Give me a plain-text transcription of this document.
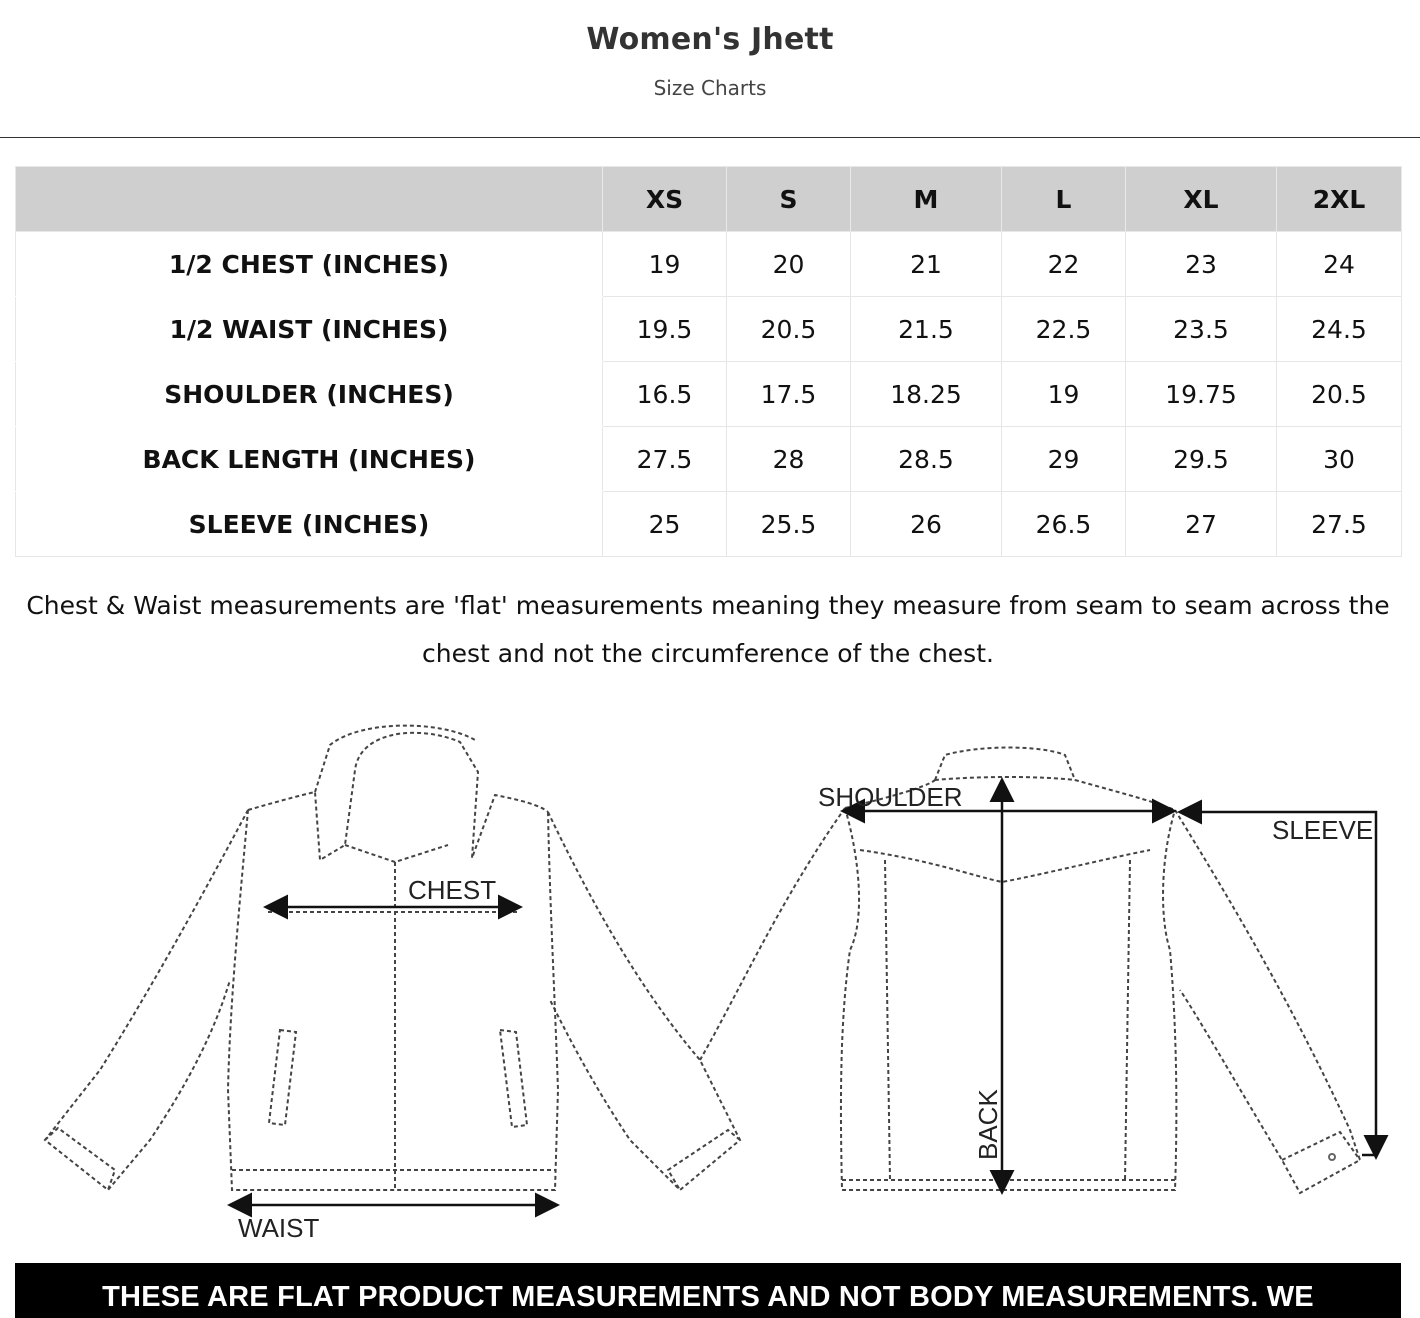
Women's Jhett
Size Charts
	XS	S	M	L	XL	2XL
1/2 CHEST (INCHES)	19	20	21	22	23	24
1/2 WAIST (INCHES)	19.5	20.5	21.5	22.5	23.5	24.5
SHOULDER (INCHES)	16.5	17.5	18.25	19	19.75	20.5
BACK LENGTH (INCHES)	27.5	28	28.5	29	29.5	30
SLEEVE (INCHES)	25	25.5	26	26.5	27	27.5
Chest & Waist measurements are 'flat' measurements meaning they measure from seam to seam across the chest and not the circumference of the chest.
CHEST
WAIST
SHOULDER
BACK
SLEEVE
THESE ARE FLAT PRODUCT MEASUREMENTS AND NOT BODY MEASUREMENTS. WE
